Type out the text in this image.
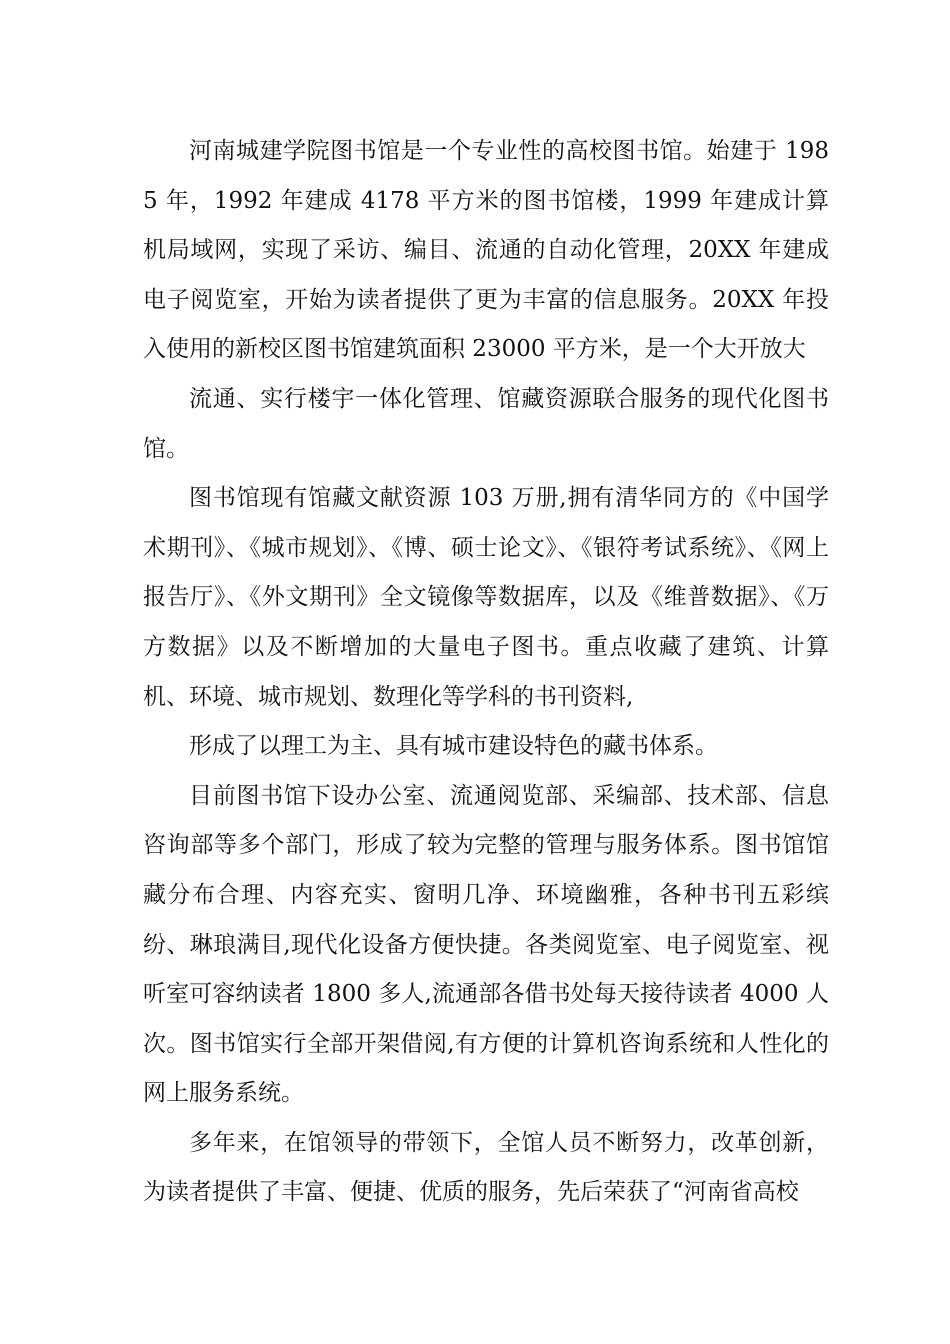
河南城建学院图书馆是一个专业性的高校图书馆。始建于 1985 年，1992 年建成 4178 平方米的图书馆楼，1999 年建成计算机局域网，实现了采访、编目、流通的自动化管理，20XX 年建成电子阅览室，开始为读者提供了更为丰富的信息服务。20XX 年投入使用的新校区图书馆建筑面积 23000 平方米，是一个大开放大

流通、实行楼宇一体化管理、馆藏资源联合服务的现代化图书馆。

图书馆现有馆藏文献资源 103 万册,拥有清华同方的《中国学术期刊》、《城市规划》、《博、硕士论文》、《银符考试系统》、《网上报告厅》、《外文期刊》全文镜像等数据库，以及《维普数据》、《万方数据》以及不断增加的大量电子图书。重点收藏了建筑、计算机、环境、城市规划、数理化等学科的书刊资料,

形成了以理工为主、具有城市建设特色的藏书体系。

目前图书馆下设办公室、流通阅览部、采编部、技术部、信息咨询部等多个部门，形成了较为完整的管理与服务体系。图书馆馆藏分布合理、内容充实、窗明几净、环境幽雅，各种书刊五彩缤纷、琳琅满目,现代化设备方便快捷。各类阅览室、电子阅览室、视听室可容纳读者 1800 多人,流通部各借书处每天接待读者 4000 人次。图书馆实行全部开架借阅,有方便的计算机咨询系统和人性化的网上服务系统。

多年来，在馆领导的带领下，全馆人员不断努力，改革创新，为读者提供了丰富、便捷、优质的服务，先后荣获了“河南省高校
